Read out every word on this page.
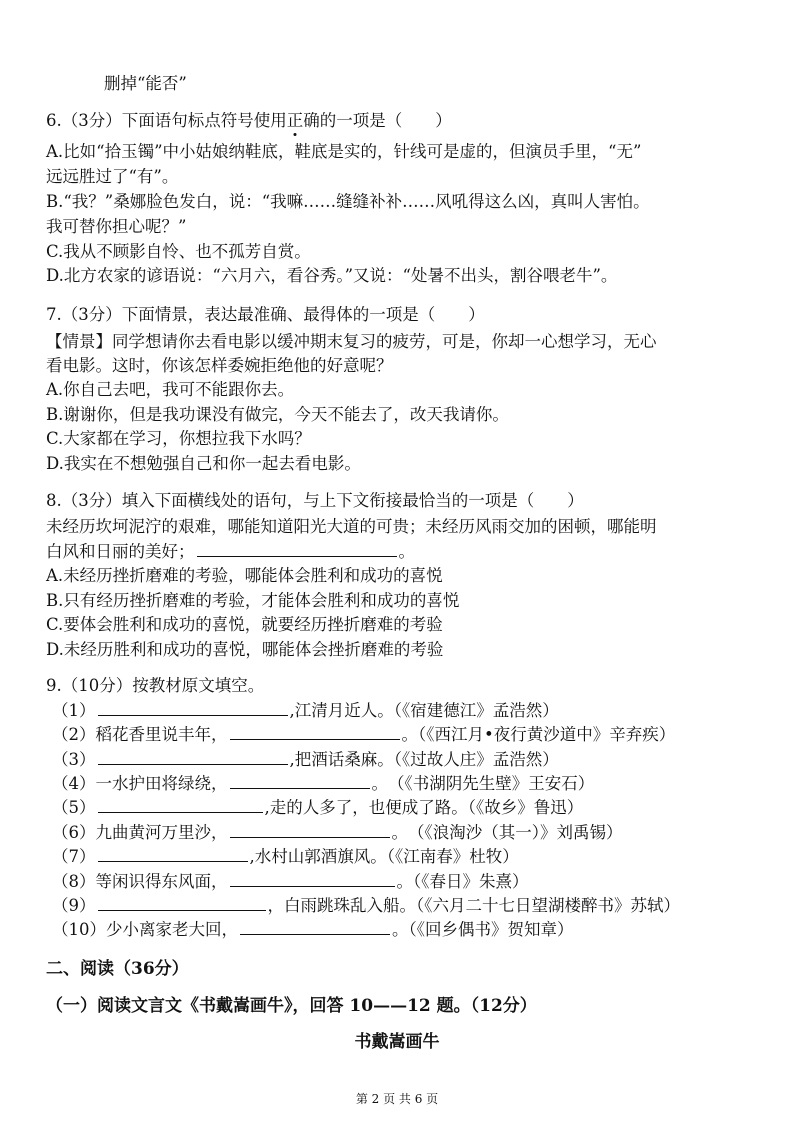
删掉“能否”
6.（3分）下面语句标点符号使用正确的一项是（　　）
A.比如“拾玉镯”中小姑娘纳鞋底，鞋底是实的，针线可是虚的，但演员手里，“无”
远远胜过了“有”。
B.“我？”桑娜脸色发白，说：“我嘛……缝缝补补……风吼得这么凶，真叫人害怕。
我可替你担心呢？”
C.我从不顾影自怜、也不孤芳自赏。
D.北方农家的谚语说：“六月六，看谷秀。”又说：“处暑不出头，割谷喂老牛”。
7.（3分）下面情景，表达最准确、最得体的一项是（　　）
【情景】同学想请你去看电影以缓冲期末复习的疲劳，可是，你却一心想学习，无心
看电影。这时，你该怎样委婉拒绝他的好意呢？
A.你自己去吧，我可不能跟你去。
B.谢谢你，但是我功课没有做完，今天不能去了，改天我请你。
C.大家都在学习，你想拉我下水吗？
D.我实在不想勉强自己和你一起去看电影。
8.（3分）填入下面横线处的语句，与上下文衔接最恰当的一项是（　　）
未经历坎坷泥泞的艰难，哪能知道阳光大道的可贵；未经历风雨交加的困顿，哪能明
白风和日丽的美好；	。
A.未经历挫折磨难的考验，哪能体会胜利和成功的喜悦
B.只有经历挫折磨难的考验，才能体会胜利和成功的喜悦
C.要体会胜利和成功的喜悦，就要经历挫折磨难的考验
D.未经历胜利和成功的喜悦，哪能体会挫折磨难的考验
9.（10分）按教材原文填空。
（1）	,江清月近人。（《宿建德江》孟浩然）
（2）稻花香里说丰年，	。（《西江月•夜行黄沙道中》辛弃疾）
（3）	,把酒话桑麻。（《过故人庄》孟浩然）
（4）一水护田将绿绕，	。　（《书湖阴先生壁》王安石）
（5）	,走的人多了，也便成了路。（《故乡》鲁迅）
（6）九曲黄河万里沙，	。　（《浪淘沙（其一）》刘禹锡）
（7）	,水村山郭酒旗风。（《江南春》杜牧）
（8）等闲识得东风面，	。（《春日》朱熹）
（9）	，白雨跳珠乱入船。（《六月二十七日望湖楼醉书》苏轼）
（10）少小离家老大回，	。（《回乡偶书》贺知章）
二、阅读（36分）
（一）阅读文言文《书戴嵩画牛》，回答 10——12 题。（12分）
书戴嵩画牛
第 2 页 共 6 页
